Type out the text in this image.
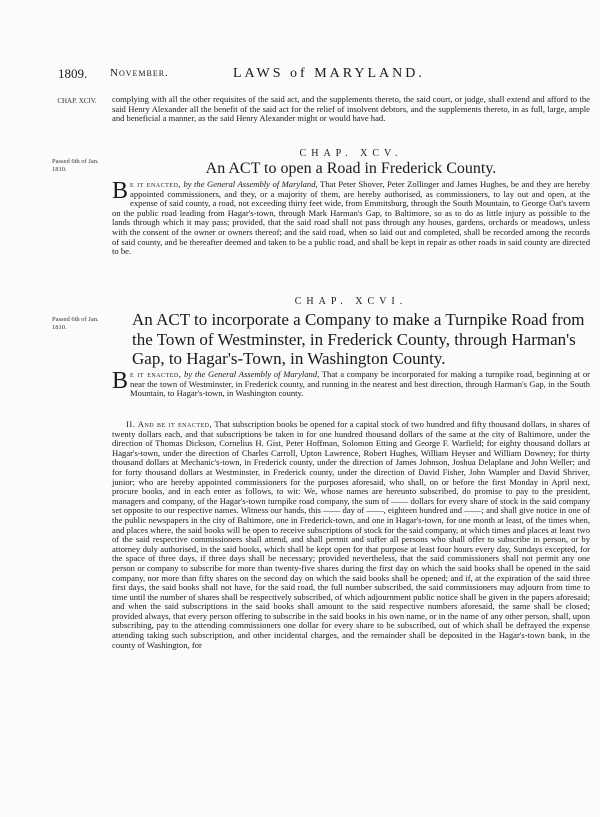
1809. November.	LAWS of MARYLAND.
CHAP. XCIV.	complying with all the other requisites of the said act, and the supplements thereto, the said court, or judge, shall extend and afford to the said Henry Alexander all the benefit of the said act for the relief of insolvent debtors, and the supplements thereto, in as full, large, ample and beneficial a manner, as the said Henry Alexander might or would have had.
Passed 6th of Jan. 1810.
CHAP. XCV.
An ACT to open a Road in Frederick County.
Be it enacted, by the General Assembly of Maryland, That Peter Shover, Peter Zollinger and James Hughes, be and they are hereby appointed commissioners, and they, or a majority of them, are hereby authorised, as commissioners, to lay out and open, at the expense of said county, a road, not exceeding thirty feet wide, from Emmitsburg, through the South Mountain, to George Oat's tavern on the public road leading from Hagar's-town, through Mark Harman's Gap, to Baltimore, so as to do as little injury as possible to the lands through which it may pass; provided, that the said road shall not pass through any houses, gardens, orchards or meadows, unless with the consent of the owner or owners thereof; and the said road, when so laid out and completed, shall be recorded among the records of said county, and be thereafter deemed and taken to be a public road, and shall be kept in repair as other roads in said county are directed to be.
CHAP. XCVI.
Passed 6th of Jan. 1810.	An ACT to incorporate a Company to make a Turnpike Road from the Town of Westminster, in Frederick County, through Harman's Gap, to Hagar's-Town, in Washington County.
Be it enacted, by the General Assembly of Maryland, That a company be incorporated for making a turnpike road, beginning at or near the town of Westminster, in Frederick county, and running in the nearest and best direction, through Harman's Gap, in the South Mountain, to Hagar's-town, in Washington county.
II. And be it enacted, That subscription books be opened for a capital stock of two hundred and fifty thousand dollars, in shares of twenty dollars each, and that subscriptions be taken in for one hundred thousand dollars of the same at the city of Baltimore, under the direction of Thomas Dickson, Cornelius H. Gist, Peter Hoffman, Solomon Etting and George F. Warfield; for eighty thousand dollars at Hagar's-town, under the direction of Charles Carroll, Upton Lawrence, Robert Hughes, William Heyser and William Downey; for thirty thousand dollars at Mechanic's-town, in Frederick county, under the direction of James Johnson, Joshua Delaplane and John Weller; and for forty thousand dollars at Westminster, in Frederick county, under the direction of David Fisher, John Wampler and David Shriver, junior; who are hereby appointed commissioners for the purposes aforesaid, who shall, on or before the first Monday in April next, procure books, and in each enter as follows, to wit: We, whose names are hereunto subscribed, do promise to pay to the president, managers and company, of the Hagar's-town turnpike road company, the sum of —— dollars for every share of stock in the said company set opposite to our respective names. Witness our hands, this —— day of ——, eighteen hundred and ——; and shall give notice in one of the public newspapers in the city of Baltimore, one in Frederick-town, and one in Hagar's-town, for one month at least, of the times when, and places where, the said books will be open to receive subscriptions of stock for the said company, at which times and places at least two of the said respective commissioners shall attend, and shall permit and suffer all persons who shall offer to subscribe in person, or by attorney duly authorised, in the said books, which shall be kept open for that purpose at least four hours every day, Sundays excepted, for the space of three days, if three days shall be necessary; provided nevertheless, that the said commissioners shall not permit any one person or company to subscribe for more than twenty-five shares during the first day on which the said books shall be opened in the said company, nor more than fifty shares on the second day on which the said books shall be opened; and if, at the expiration of the said three first days, the said books shall not have, for the said road, the full number subscribed, the said commissioners may adjourn from time to time until the number of shares shall be respectively subscribed, of which adjournment public notice shall be given in the papers aforesaid; and when the said subscriptions in the said books shall amount to the said respective numbers aforesaid, the same shall be closed; provided always, that every person offering to subscribe in the said books in his own name, or in the name of any other person, shall, upon subscribing, pay to the attending commissioners one dollar for every share to be subscribed, out of which shall be defrayed the expense attending taking such subscription, and other incidental charges, and the remainder shall be deposited in the Hagar's-town bank, in the county of Washington, for
